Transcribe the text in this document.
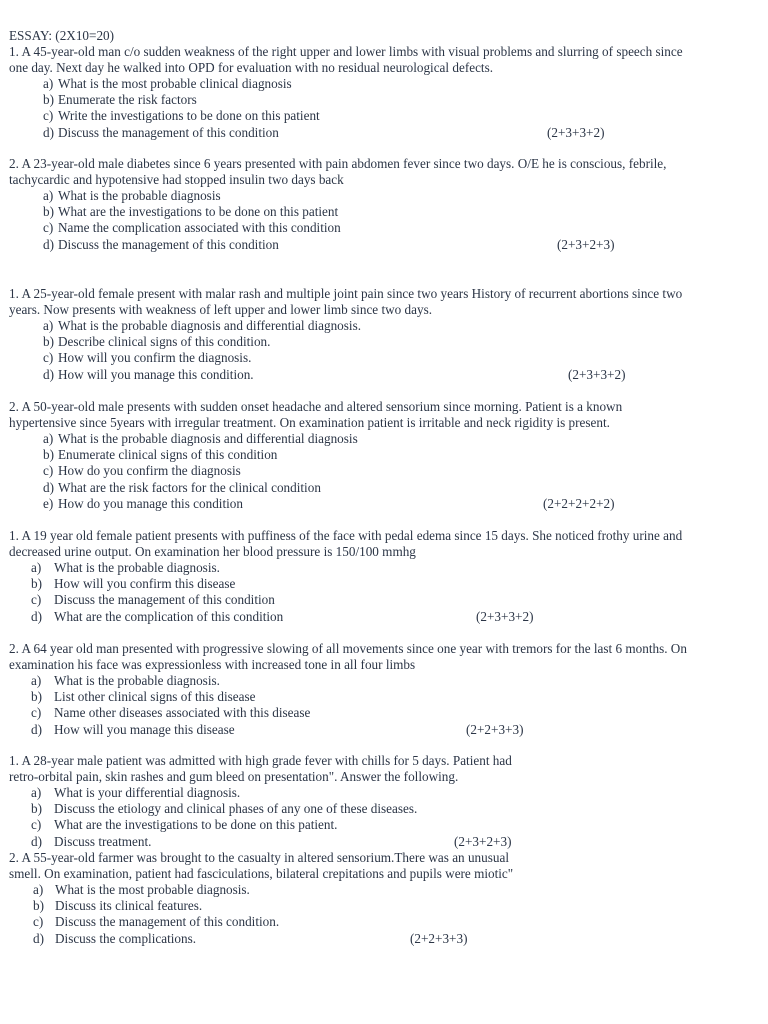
ESSAY: (2X10=20)
1. A 45-year-old man c/o sudden weakness of the right upper and lower limbs with visual problems and slurring of speech since
one day. Next day he walked into OPD for evaluation with no residual neurological defects.
a) What is the most probable clinical diagnosis
b) Enumerate the risk factors
c) Write the investigations to be done on this patient
d) Discuss the management of this condition	(2+3+3+2)
2. A 23-year-old male diabetes since 6 years presented with pain abdomen fever since two days. O/E he is conscious, febrile,
tachycardic and hypotensive had stopped insulin two days back
a) What is the probable diagnosis
b) What are the investigations to be done on this patient
c) Name the complication associated with this condition
d) Discuss the management of this condition	(2+3+2+3)
1. A 25-year-old female present with malar rash and multiple joint pain since two years History of recurrent abortions since two
years. Now presents with weakness of left upper and lower limb since two days.
a) What is the probable diagnosis and differential diagnosis.
b) Describe clinical signs of this condition.
c) How will you confirm the diagnosis.
d) How will you manage this condition.	(2+3+3+2)
2. A 50-year-old male presents with sudden onset headache and altered sensorium since morning. Patient is a known
hypertensive since 5years with irregular treatment. On examination patient is irritable and neck rigidity is present.
a) What is the probable diagnosis and differential diagnosis
b) Enumerate clinical signs of this condition
c) How do you confirm the diagnosis
d) What are the risk factors for the clinical condition
e) How do you manage this condition	(2+2+2+2+2)
1. A 19 year old female patient presents with puffiness of the face with pedal edema since 15 days. She noticed frothy urine and
decreased urine output. On examination her blood pressure is 150/100 mmhg
a) What is the probable diagnosis.
b) How will you confirm this disease
c) Discuss the management of this condition
d) What are the complication of this condition	(2+3+3+2)
2. A 64 year old man presented with progressive slowing of all movements since one year with tremors for the last 6 months. On
examination his face was expressionless with increased tone in all four limbs
a) What is the probable diagnosis.
b) List other clinical signs of this disease
c) Name other diseases associated with this disease
d) How will you manage this disease	(2+2+3+3)
1. A 28-year male patient was admitted with high grade fever with chills for 5 days. Patient had
retro-orbital pain, skin rashes and gum bleed on presentation". Answer the following.
a) What is your differential diagnosis.
b) Discuss the etiology and clinical phases of any one of these diseases.
c) What are the investigations to be done on this patient.
d) Discuss treatment.	(2+3+2+3)
2. A 55-year-old farmer was brought to the casualty in altered sensorium.There was an unusual
smell. On examination, patient had fasciculations, bilateral crepitations and pupils were miotic"
a) What is the most probable diagnosis.
b) Discuss its clinical features.
c) Discuss the management of this condition.
d) Discuss the complications.	(2+2+3+3)
